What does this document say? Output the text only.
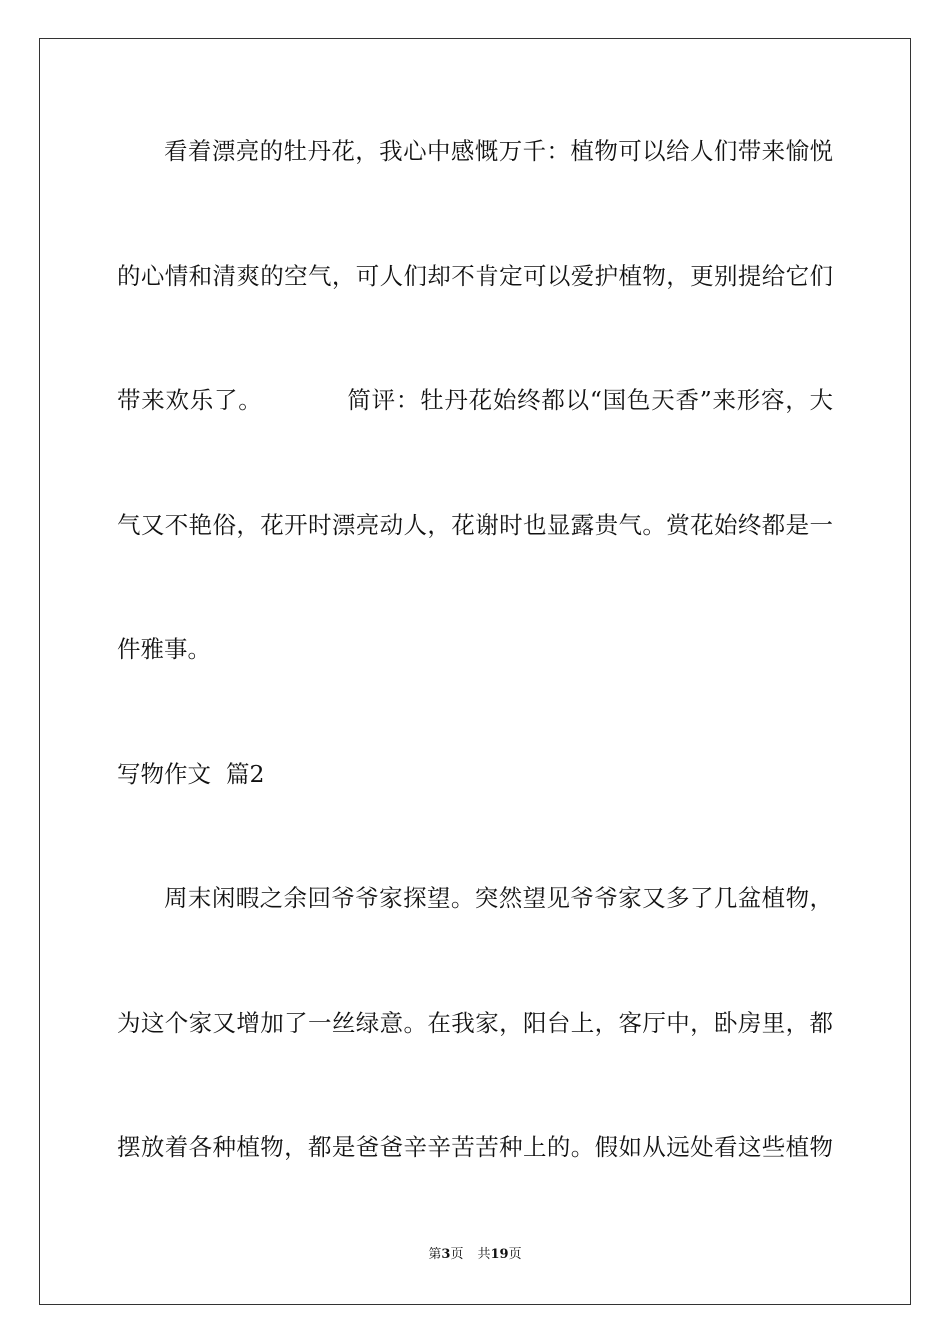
看着漂亮的牡丹花，我心中感慨万千：植物可以给人们带来愉悦
的心情和清爽的空气，可人们却不肯定可以爱护植物，更别提给它们
带来欢乐了。	简评：牡丹花始终都以“国色天香”来形容，大
气又不艳俗，花开时漂亮动人，花谢时也显露贵气。赏花始终都是一
件雅事。
写物作文  篇2
周末闲暇之余回爷爷家探望。突然望见爷爷家又多了几盆植物，
为这个家又增加了一丝绿意。在我家，阳台上，客厅中，卧房里，都
摆放着各种植物，都是爸爸辛辛苦苦种上的。假如从远处看这些植物
第3页 共19页
